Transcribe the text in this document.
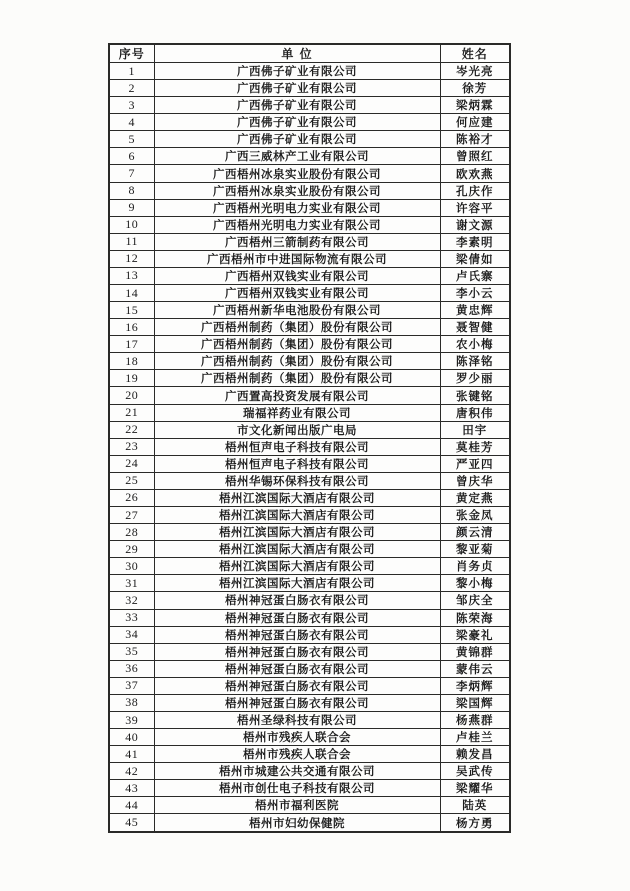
序号	单 位	姓名
1	广西佛子矿业有限公司	岑光亮
2	广西佛子矿业有限公司	徐芳
3	广西佛子矿业有限公司	梁炳霖
4	广西佛子矿业有限公司	何应建
5	广西佛子矿业有限公司	陈裕才
6	广西三威林产工业有限公司	曾照红
7	广西梧州冰泉实业股份有限公司	欧欢燕
8	广西梧州冰泉实业股份有限公司	孔庆作
9	广西梧州光明电力实业有限公司	许容平
10	广西梧州光明电力实业有限公司	谢文源
11	广西梧州三箭制药有限公司	李素明
12	广西梧州市中进国际物流有限公司	梁倩如
13	广西梧州双钱实业有限公司	卢氏寨
14	广西梧州双钱实业有限公司	李小云
15	广西梧州新华电池股份有限公司	黄忠辉
16	广西梧州制药（集团）股份有限公司	聂智健
17	广西梧州制药（集团）股份有限公司	农小梅
18	广西梧州制药（集团）股份有限公司	陈泽铭
19	广西梧州制药（集团）股份有限公司	罗少丽
20	广西置高投资发展有限公司	张键铭
21	瑞福祥药业有限公司	唐积伟
22	市文化新闻出版广电局	田宇
23	梧州恒声电子科技有限公司	莫桂芳
24	梧州恒声电子科技有限公司	严亚四
25	梧州华锡环保科技有限公司	曾庆华
26	梧州江滨国际大酒店有限公司	黄定燕
27	梧州江滨国际大酒店有限公司	张金凤
28	梧州江滨国际大酒店有限公司	颜云清
29	梧州江滨国际大酒店有限公司	黎亚菊
30	梧州江滨国际大酒店有限公司	肖务贞
31	梧州江滨国际大酒店有限公司	黎小梅
32	梧州神冠蛋白肠衣有限公司	邹庆全
33	梧州神冠蛋白肠衣有限公司	陈荣海
34	梧州神冠蛋白肠衣有限公司	梁豪礼
35	梧州神冠蛋白肠衣有限公司	黄锦群
36	梧州神冠蛋白肠衣有限公司	蒙伟云
37	梧州神冠蛋白肠衣有限公司	李炳辉
38	梧州神冠蛋白肠衣有限公司	梁国辉
39	梧州圣绿科技有限公司	杨燕群
40	梧州市残疾人联合会	卢桂兰
41	梧州市残疾人联合会	赖发昌
42	梧州市城建公共交通有限公司	吴武传
43	梧州市创仕电子科技有限公司	梁耀华
44	梧州市福利医院	陆英
45	梧州市妇幼保健院	杨方勇
